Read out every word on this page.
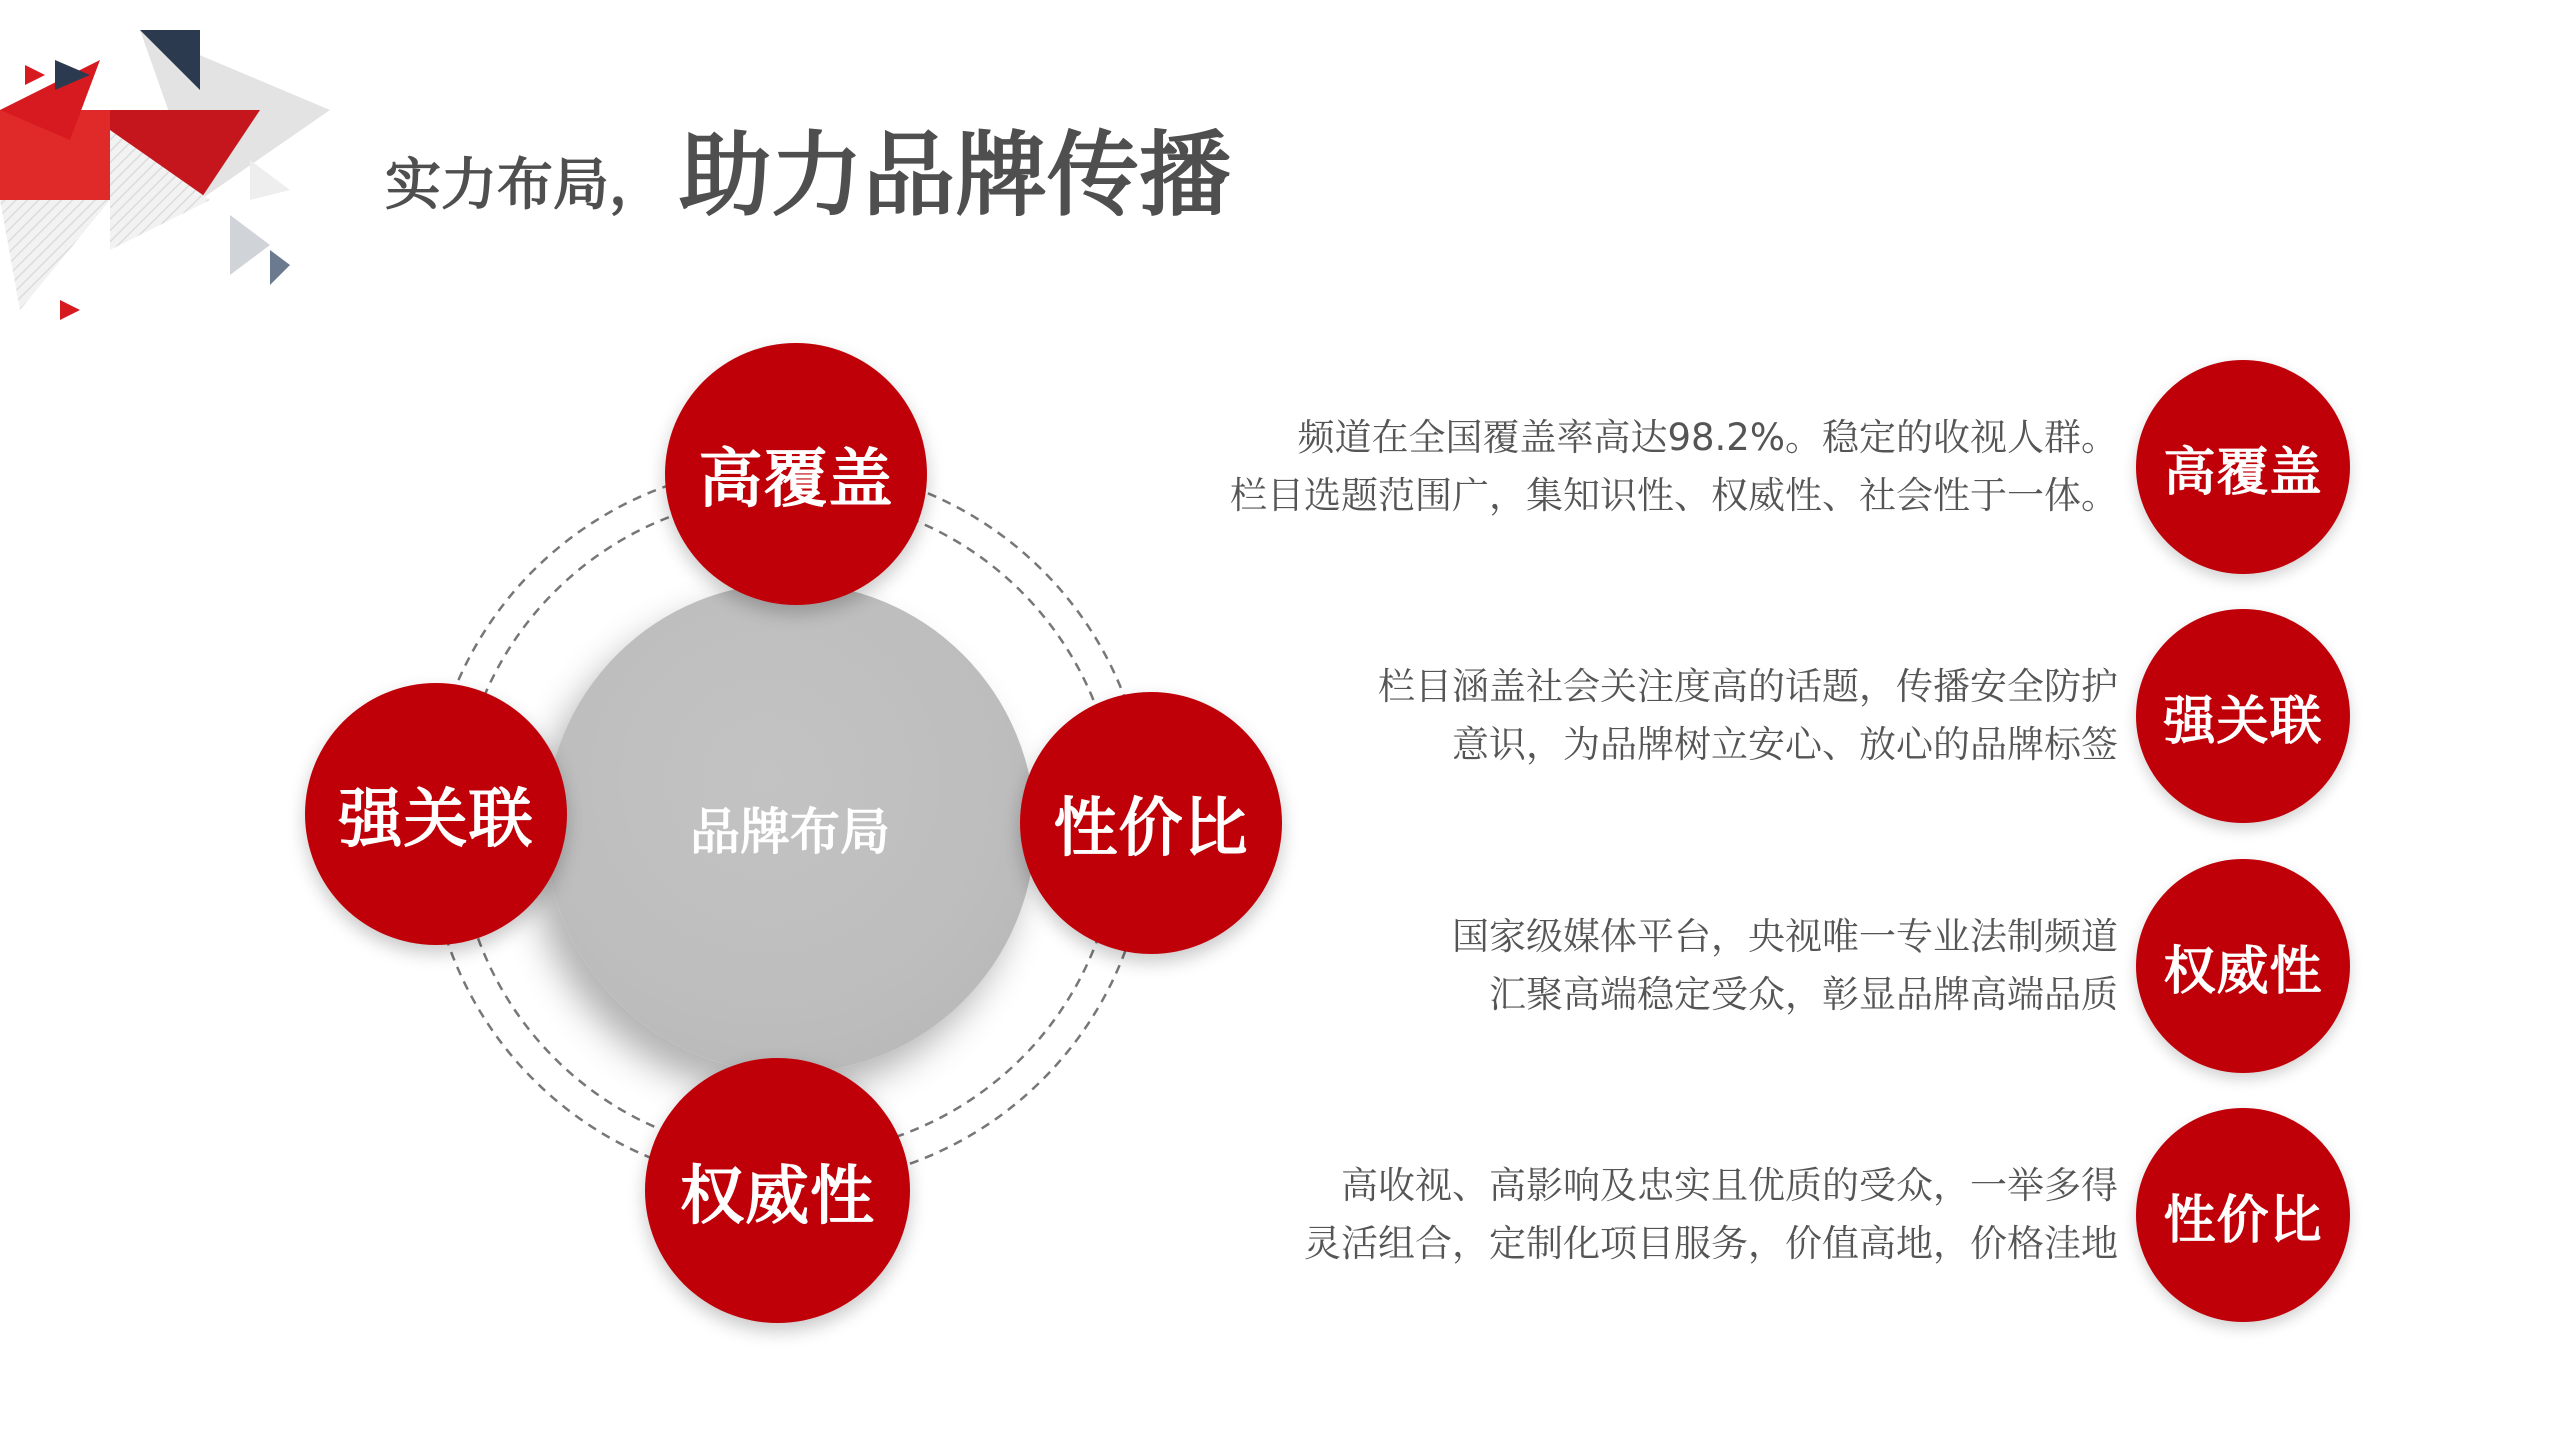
实力布局， 助力品牌传播
品牌布局
高覆盖
强关联	性价比
权威性
频道在全国覆盖率高达98.2%。稳定的收视人群。
栏目选题范围广，集知识性、权威性、社会性于一体。 高覆盖
栏目涵盖社会关注度高的话题，传播安全防护
意识，为品牌树立安心、放心的品牌标签 强关联
国家级媒体平台，央视唯一专业法制频道
汇聚高端稳定受众，彰显品牌高端品质 权威性
高收视、高影响及忠实且优质的受众，一举多得
灵活组合，定制化项目服务，价值高地，价格洼地 性价比
